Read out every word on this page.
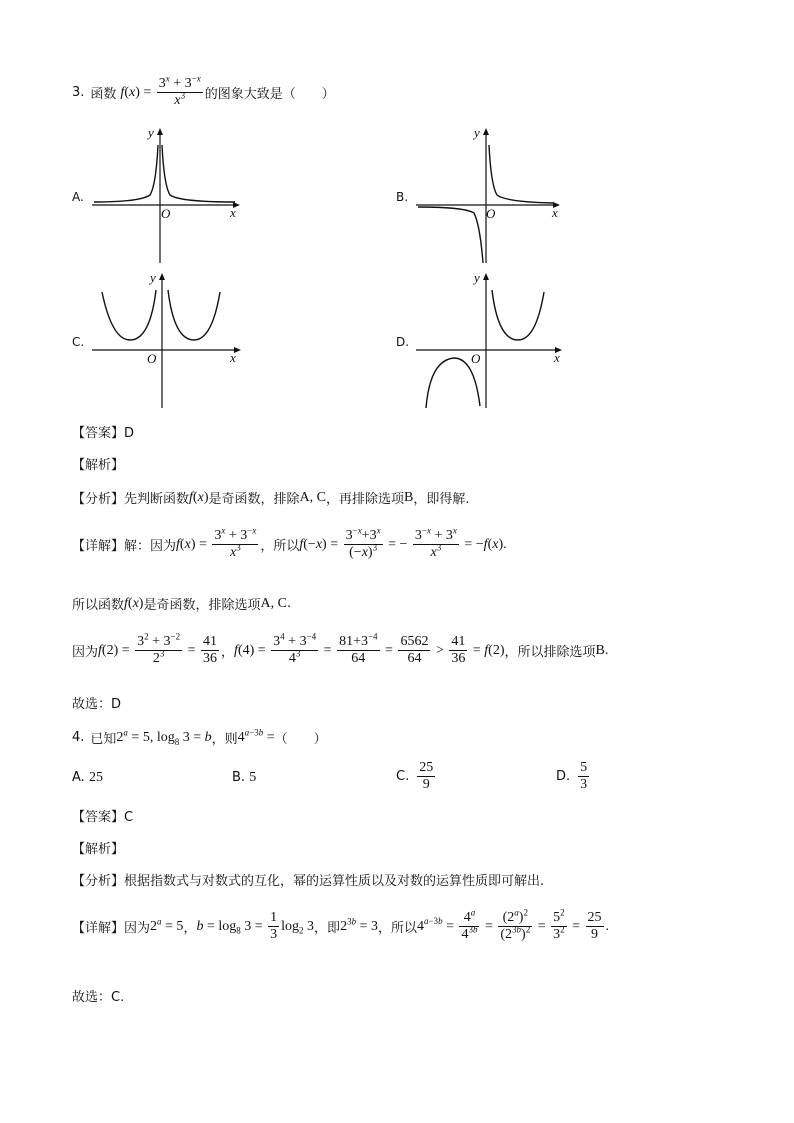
3. 函数 $f(x) = \frac{3^x + 3^{-x}}{x^3}$ 的图象大致是（　　）
A.
x
y
O
B.
x
y
O
C.
x
y
O
D.
x
y
O
【答案】D
【解析】
【分析】 先判断函数 f(x) 是奇函数，排除 A, C ，再排除选项 B ，即得解.
【详解】 解：因为 $f(x) = \frac{3^x + 3^{-x}}{x^3}$ ，所以 $f(-x) = \frac{3^{-x}+3^x}{(-x)^3}$ = − $\frac{3^{-x} + 3^x}{x^3} = -f(x)$.
所以函数 f(x) 是奇函数，排除选项 A, C .
因为 $f(2) = \frac{3^2 + 3^{-2}}{2^3} = \frac{41}{36}$ ， $f(4) = \frac{3^4 + 3^{-4}}{4^3} = \frac{81+3^{-4}}{64} = \frac{6562}{64} > \frac{41}{36} = f(2)$ ，所以排除选项 B.
故选：D
4. 已知 $2^a = 5$, $\log_8 3 = b$ ，则 $4^{a-3b}$ = （　　）
A. 25	B. 5	C. $\frac{25}{9}$	D. $\frac{5}{3}$
【答案】C
【解析】
【分析】根据指数式与对数式的互化，幂的运算性质以及对数的运算性质即可解出.
【详解】 因为 $2^a = 5$ ， $b = \log_8 3 = \frac{1}{3} \log_2 3$ ，即 $2^{3b} = 3$ ，所以 $4^{a-3b} = \frac{4^a}{4^{3b}} = \frac{(2^a)^2}{(2^{3b})^2} = \frac{5^2}{3^2} = \frac{25}{9}$ .
故选：C.
